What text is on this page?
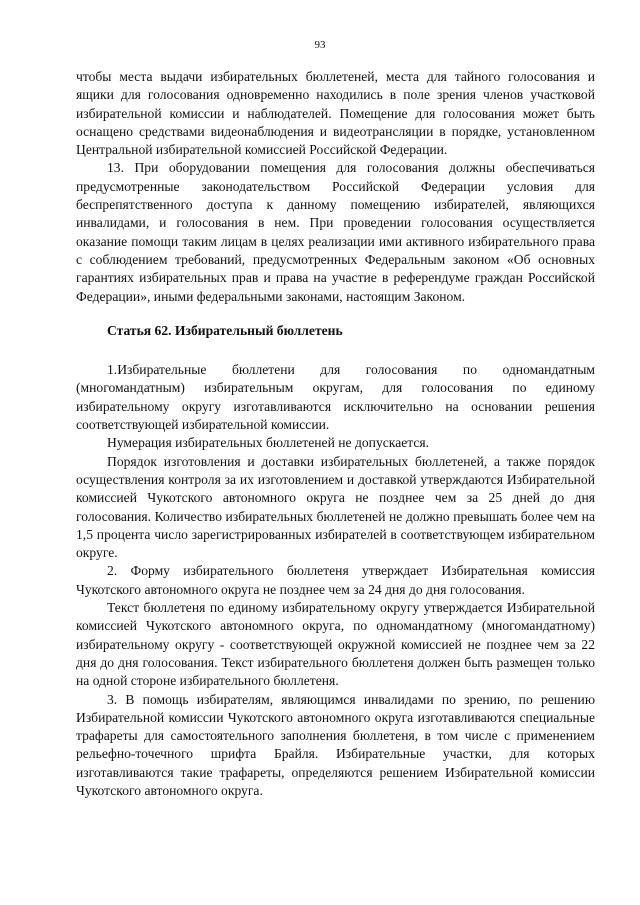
93

чтобы места выдачи избирательных бюллетеней, места для тайного голосования и ящики для голосования одновременно находились в поле зрения членов участковой избирательной комиссии и наблюдателей. Помещение для голосования может быть оснащено средствами видеонаблюдения и видеотрансляции в порядке, установленном Центральной избирательной комиссией Российской Федерации.

13. При оборудовании помещения для голосования должны обеспечиваться предусмотренные законодательством Российской Федерации условия для беспрепятственного доступа к данному помещению избирателей, являющихся инвалидами, и голосования в нем. При проведении голосования осуществляется оказание помощи таким лицам в целях реализации ими активного избирательного права с соблюдением требований, предусмотренных Федеральным законом «Об основных гарантиях избирательных прав и права на участие в референдуме граждан Российской Федерации», иными федеральными законами, настоящим Законом.

Статья 62. Избирательный бюллетень

1.Избирательные бюллетени для голосования по одномандатным (многомандатным) избирательным округам, для голосования по единому избирательному округу изготавливаются исключительно на основании решения соответствующей избирательной комиссии.

Нумерация избирательных бюллетеней не допускается.

Порядок изготовления и доставки избирательных бюллетеней, а также порядок осуществления контроля за их изготовлением и доставкой утверждаются Избирательной комиссией Чукотского автономного округа не позднее чем за 25 дней до дня голосования. Количество избирательных бюллетеней не должно превышать более чем на 1,5 процента число зарегистрированных избирателей в соответствующем избирательном округе.

2. Форму избирательного бюллетеня утверждает Избирательная комиссия Чукотского автономного округа не позднее чем за 24 дня до дня голосования.

Текст бюллетеня по единому избирательному округу утверждается Избирательной комиссией Чукотского автономного округа, по одномандатному (многомандатному) избирательному округу - соответствующей окружной комиссией не позднее чем за 22 дня до дня голосования. Текст избирательного бюллетеня должен быть размещен только на одной стороне избирательного бюллетеня.

3. В помощь избирателям, являющимся инвалидами по зрению, по решению Избирательной комиссии Чукотского автономного округа изготавливаются специальные трафареты для самостоятельного заполнения бюллетеня, в том числе с применением рельефно-точечного шрифта Брайля. Избирательные участки, для которых изготавливаются такие трафареты, определяются решением Избирательной комиссии Чукотского автономного округа.
